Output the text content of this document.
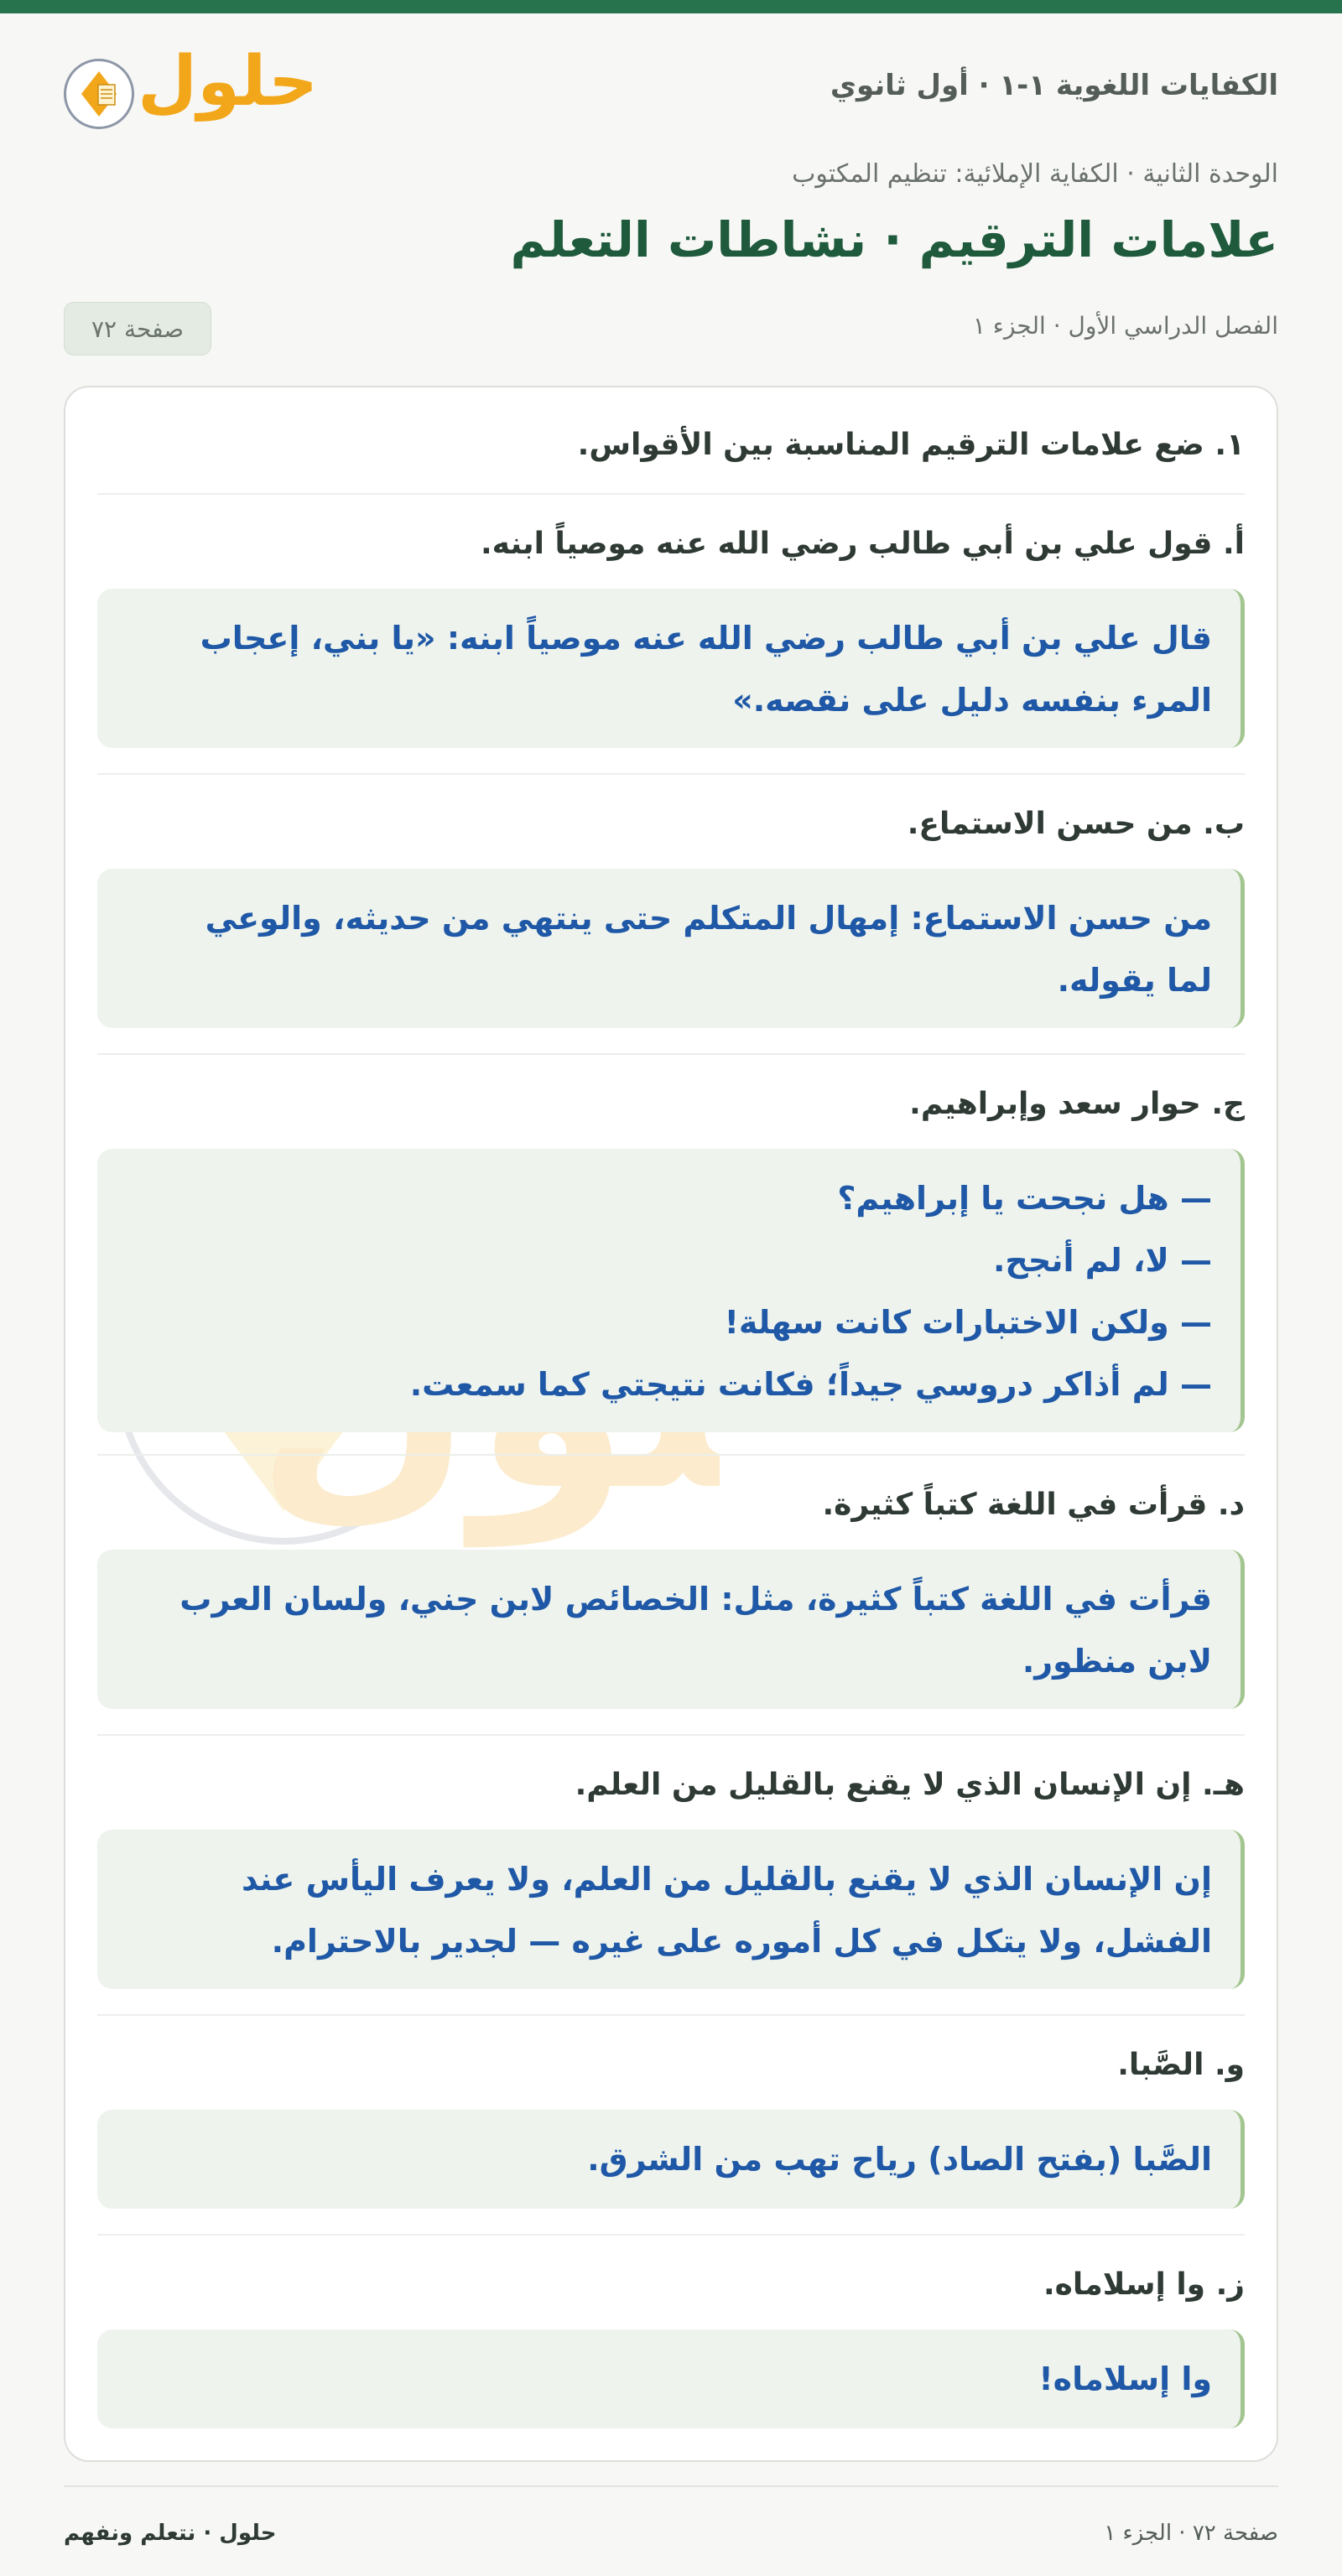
الكفايات اللغوية ١-١ · أول ثانوي
حلول
الوحدة الثانية · الكفاية الإملائية: تنظيم المكتوب
علامات الترقيم · نشاطات التعلم
الفصل الدراسي الأول · الجزء ١
صفحة ٧٢
١. ضع علامات الترقيم المناسبة بين الأقواس.
أ. قول علي بن أبي طالب رضي الله عنه موصياً ابنه.
قال علي بن أبي طالب رضي الله عنه موصياً ابنه: «يا بني، إعجاب
المرء بنفسه دليل على نقصه.»
ب. من حسن الاستماع.
من حسن الاستماع: إمهال المتكلم حتى ينتهي من حديثه، والوعي
لما يقوله.
ج. حوار سعد وإبراهيم.
— هل نجحت يا إبراهيم؟
— لا، لم أنجح.
— ولكن الاختبارات كانت سهلة!
— لم أذاكر دروسي جيداً؛ فكانت نتيجتي كما سمعت.
د. قرأت في اللغة كتباً كثيرة.
قرأت في اللغة كتباً كثيرة، مثل: الخصائص لابن جني، ولسان العرب
لابن منظور.
هـ. إن الإنسان الذي لا يقنع بالقليل من العلم.
إن الإنسان الذي لا يقنع بالقليل من العلم، ولا يعرف اليأس عند
الفشل، ولا يتكل في كل أموره على غيره — لجدير بالاحترام.
و. الصَّبا.
الصَّبا (بفتح الصاد) رياح تهب من الشرق.
ز. وا إسلاماه.
وا إسلاماه!
صفحة ٧٢ · الجزء ١
حلول · نتعلم ونفهم
